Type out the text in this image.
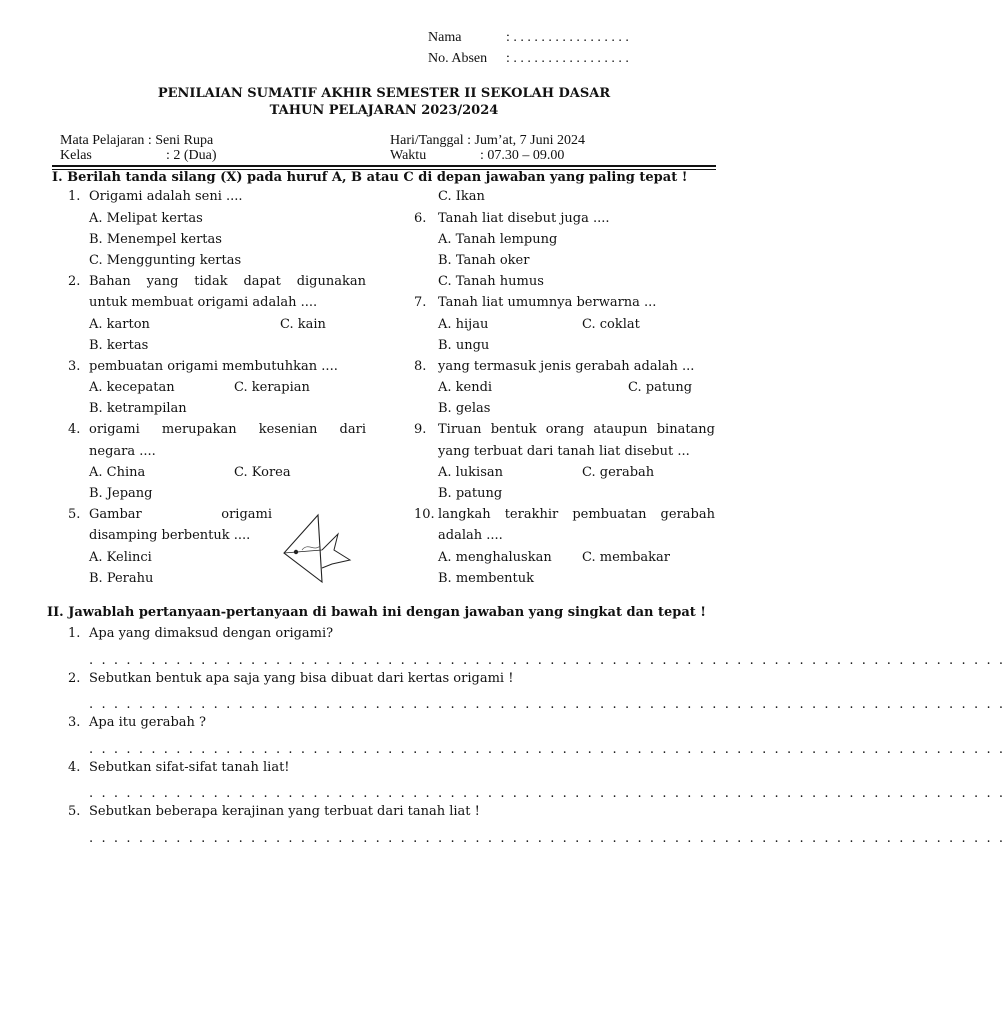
Nama	: . . . . . . . . . . . . . . . . .
No. Absen : . . . . . . . . . . . . . . . . .
PENILAIAN SUMATIF AKHIR SEMESTER II SEKOLAH DASAR
TAHUN PELAJARAN 2023/2024
Mata Pelajaran : Seni Rupa
Kelas	: 2 (Dua)
Hari/Tanggal : Jum’at, 7 Juni 2024
Waktu	: 07.30 – 09.00
I. Berilah tanda silang (X) pada huruf A, B atau C di depan jawaban yang paling tepat !
1. Origami adalah seni ....
A. Melipat kertas
B. Menempel kertas
C. Menggunting kertas
2. Bahan yang tidak dapat digunakan
untuk membuat origami adalah ....
A. karton	C. kain
B. kertas
3. pembuatan origami membutuhkan ....
A. kecepatan	C. kerapian
B. ketrampilan
4. origami merupakan kesenian dari
negara ....
A. China	C. Korea
B. Jepang
5. Gambar origami
disamping berbentuk ....
A. Kelinci
B. Perahu
C. Ikan
6. Tanah liat disebut juga ....
A. Tanah lempung
B. Tanah oker
C. Tanah humus
7. Tanah liat umumnya berwarna ...
A. hijau	C. coklat
B. ungu
8. yang termasuk jenis gerabah adalah ...
A. kendi	C. patung
B. gelas
9. Tiruan bentuk orang ataupun binatang
yang terbuat dari tanah liat disebut ...
A. lukisan	C. gerabah
B. patung
10. langkah terakhir pembuatan gerabah
adalah ....
A. menghaluskan C. membakar
B. membentuk
II. Jawablah pertanyaan-pertanyaan di bawah ini dengan jawaban yang singkat dan tepat !
1. Apa yang dimaksud dengan origami?
. . . . . . . . . . . . . . . . . . . . . . . . . . . . . . . . . . . . . . . . . . . . . . . . . . . . . . . . . . . . . . . . . . . . . . . . . .
2. Sebutkan bentuk apa saja yang bisa dibuat dari kertas origami !
. . . . . . . . . . . . . . . . . . . . . . . . . . . . . . . . . . . . . . . . . . . . . . . . . . . . . . . . . . . . . . . . . . . . . . . . . .
3. Apa itu gerabah ?
. . . . . . . . . . . . . . . . . . . . . . . . . . . . . . . . . . . . . . . . . . . . . . . . . . . . . . . . . . . . . . . . . . . . . . . . . .
4. Sebutkan sifat-sifat tanah liat!
. . . . . . . . . . . . . . . . . . . . . . . . . . . . . . . . . . . . . . . . . . . . . . . . . . . . . . . . . . . . . . . . . . . . . . . . . .
5. Sebutkan beberapa kerajinan yang terbuat dari tanah liat !
. . . . . . . . . . . . . . . . . . . . . . . . . . . . . . . . . . . . . . . . . . . . . . . . . . . . . . . . . . . . . . . . . . . . . . . . . .
